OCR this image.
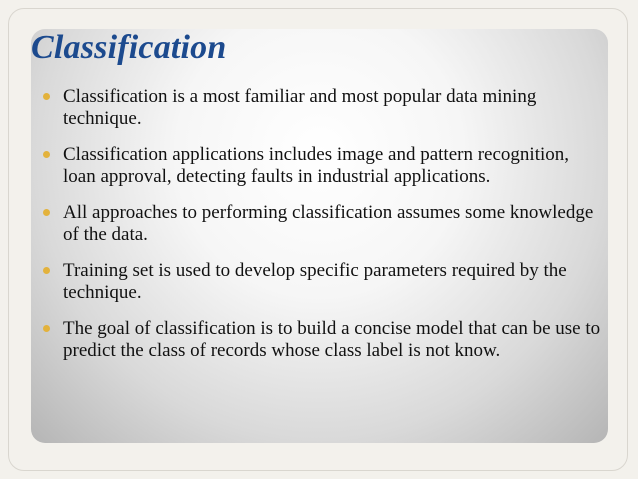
Classification
Classification is a most familiar and most popular data mining technique.
Classification applications includes image and pattern recognition, loan approval, detecting faults in industrial applications.
All approaches to performing classification assumes some knowledge of the data.
Training set is used to develop specific parameters required by the technique.
The goal of classification is to build a concise model that can be use to predict the class of records whose class label is not know.
